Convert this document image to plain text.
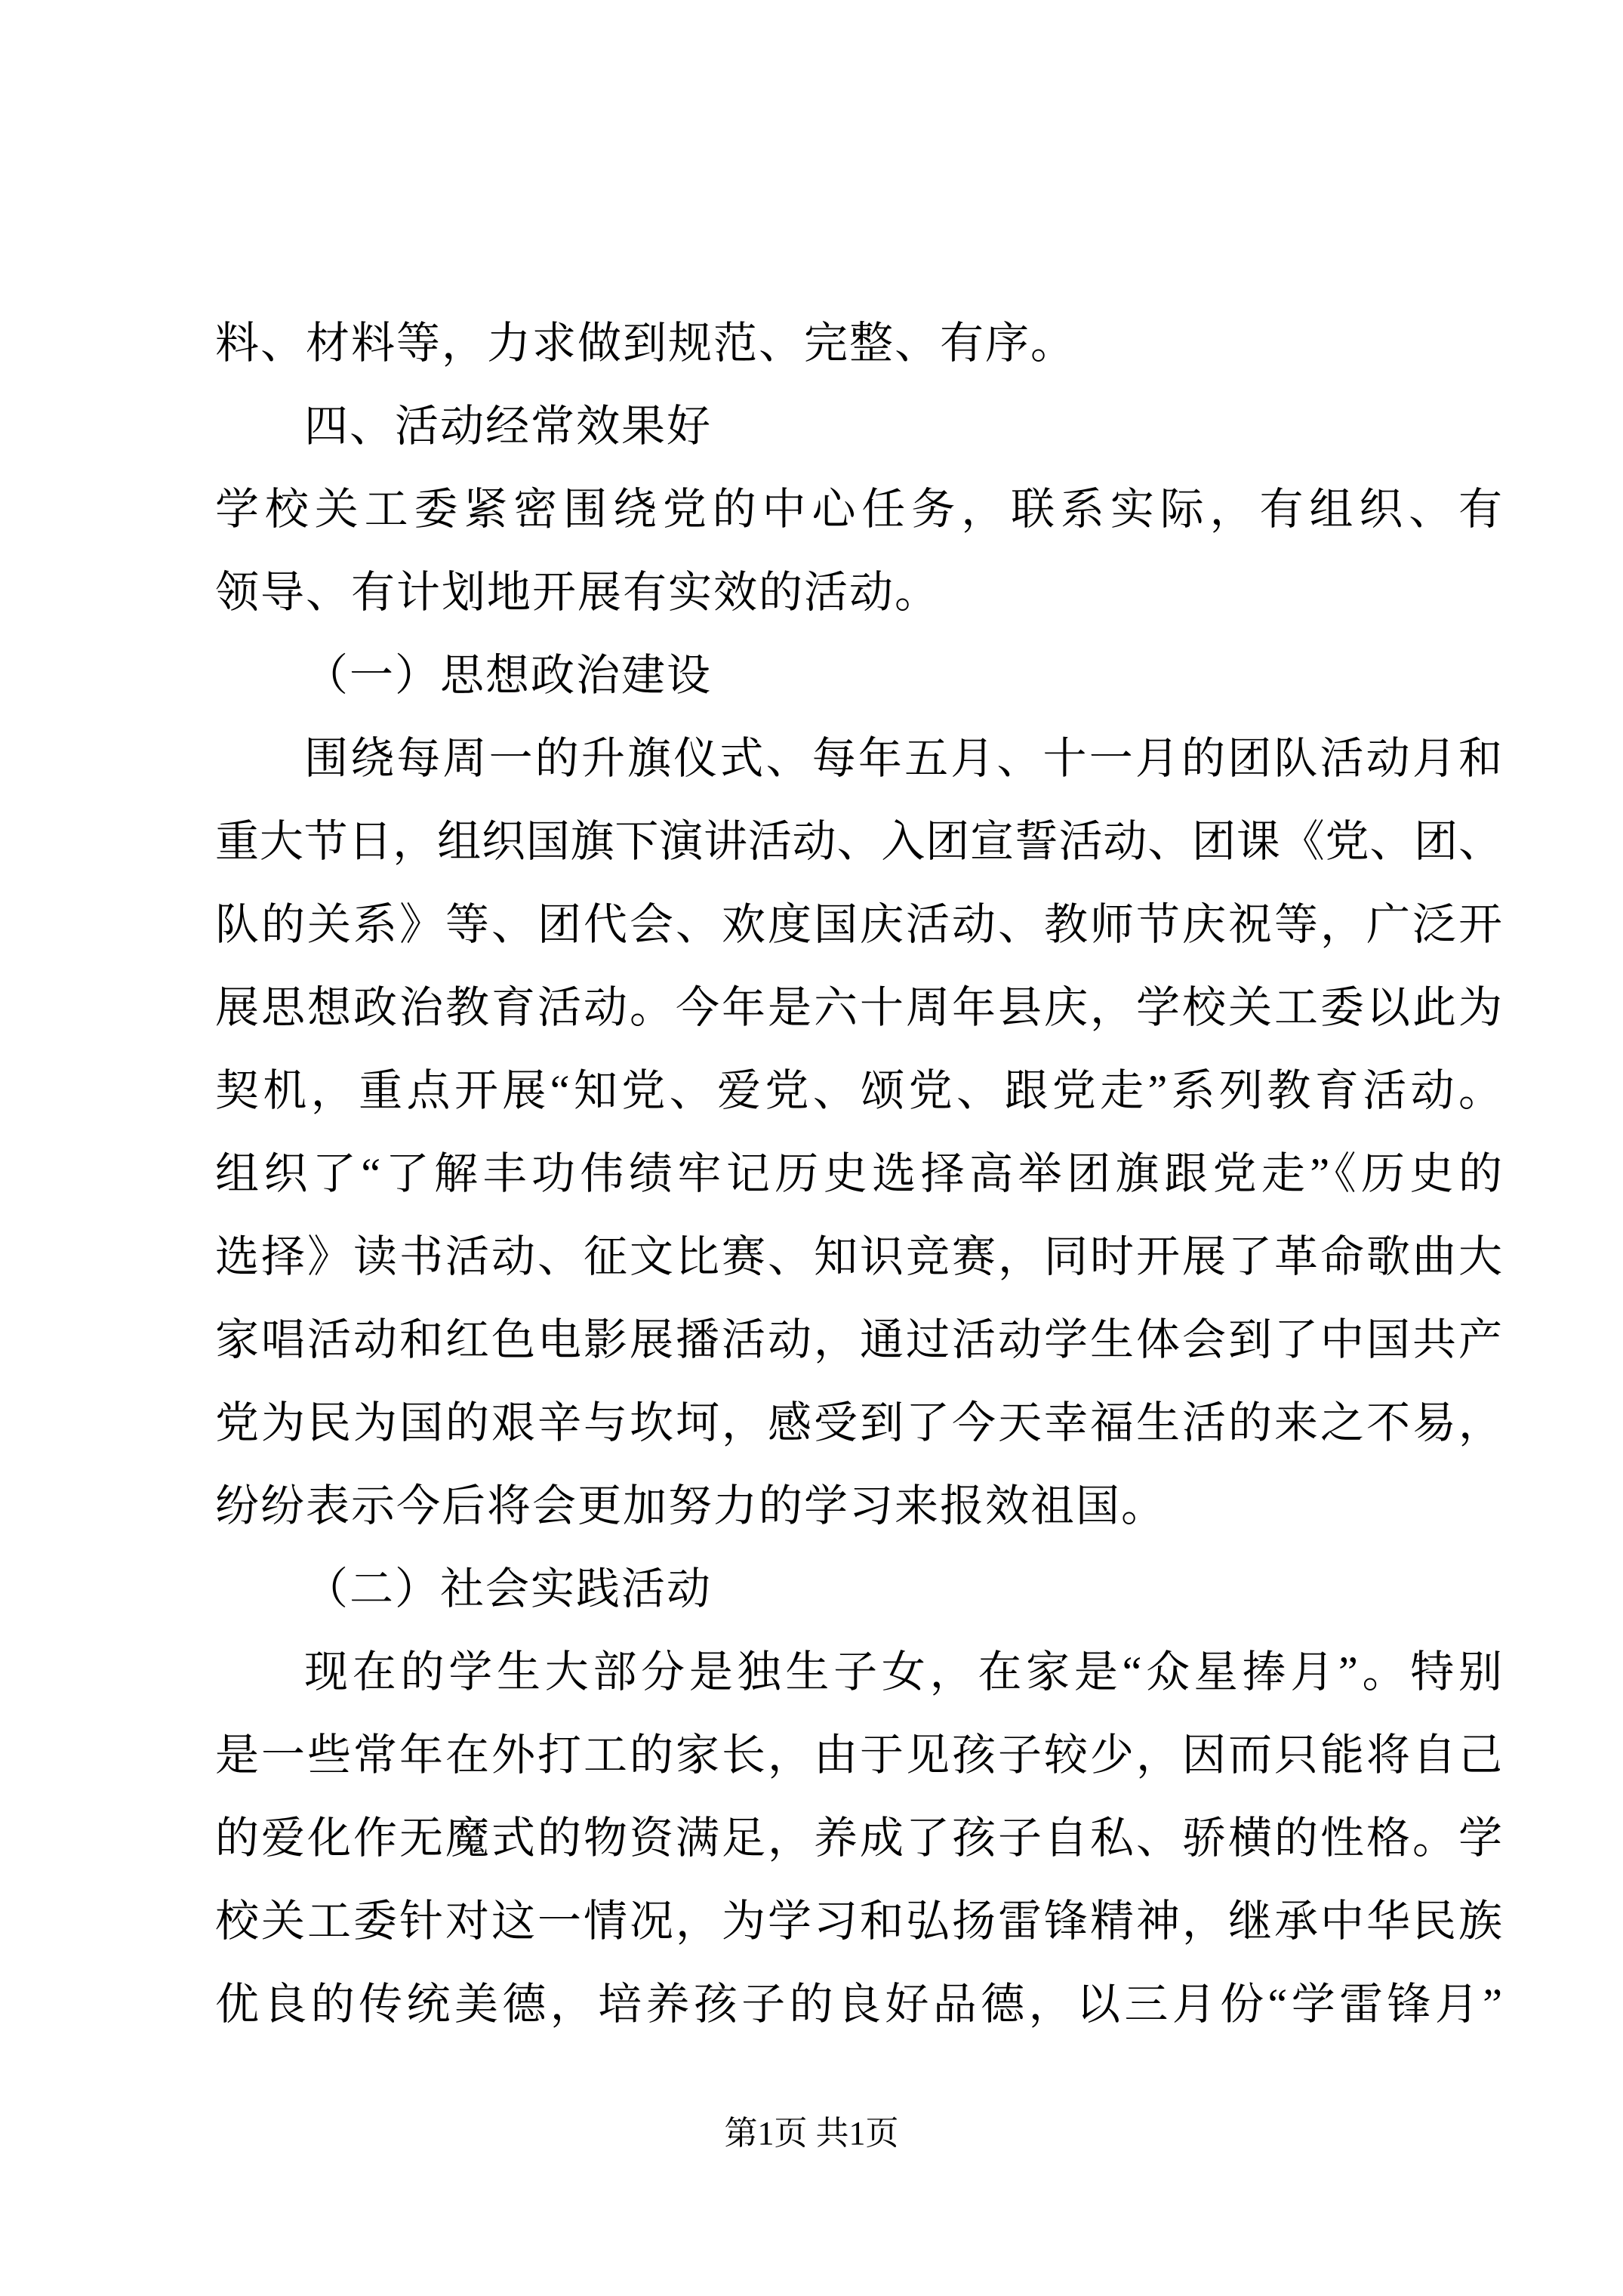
料、材料等，力求做到规范、完整、有序。
四、活动经常效果好
学校关工委紧密围绕党的中心任务，联系实际，有组织、有
领导、有计划地开展有实效的活动。
（一）思想政治建设
围绕每周一的升旗仪式、每年五月、十一月的团队活动月和
重大节日，组织国旗下演讲活动、入团宣誓活动、团课《党、团、
队的关系》等、团代会、欢度国庆活动、教师节庆祝等，广泛开
展思想政治教育活动。今年是六十周年县庆，学校关工委以此为
契机，重点开展“知党、爱党、颂党、跟党走”系列教育活动。
组织了“了解丰功伟绩牢记历史选择高举团旗跟党走”《历史的
选择》读书活动、征文比赛、知识竞赛，同时开展了革命歌曲大
家唱活动和红色电影展播活动，通过活动学生体会到了中国共产
党为民为国的艰辛与坎坷，感受到了今天幸福生活的来之不易，
纷纷表示今后将会更加努力的学习来报效祖国。
（二）社会实践活动
现在的学生大部分是独生子女，在家是“众星捧月”。特别
是一些常年在外打工的家长，由于见孩子较少，因而只能将自己
的爱化作无魔式的物资满足，养成了孩子自私、骄横的性格。学
校关工委针对这一情况，为学习和弘扬雷锋精神，继承中华民族
优良的传统美德，培养孩子的良好品德，以三月份“学雷锋月”
第1页 共1页
